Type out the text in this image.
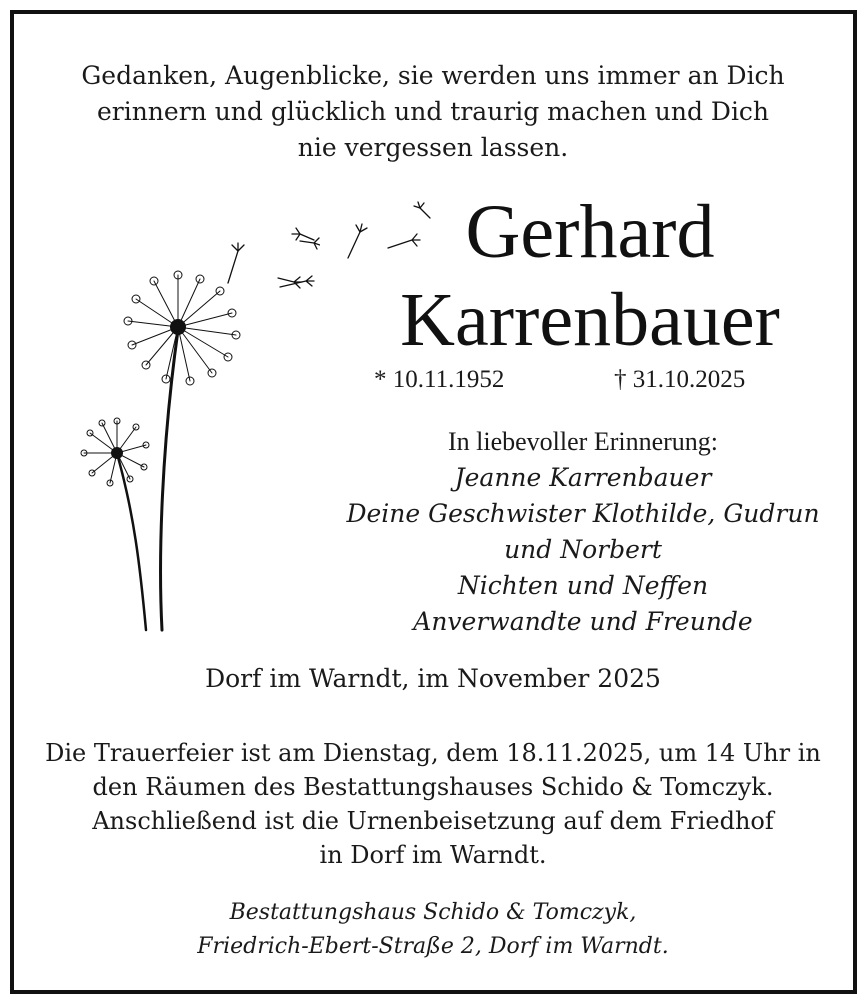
Gedanken, Augenblicke, sie werden uns immer an Dich
erinnern und glücklich und traurig machen und Dich
nie vergessen lassen.
Gerhard
Karrenbauer
* 10.11.1952	† 31.10.2025
In liebevoller Erinnerung:
Jeanne Karrenbauer
Deine Geschwister Klothilde, Gudrun
und Norbert
Nichten und Neffen
Anverwandte und Freunde
Dorf im Warndt, im November 2025
Die Trauerfeier ist am Dienstag, dem 18.11.2025, um 14 Uhr in
den Räumen des Bestattungshauses Schido & Tomczyk.
Anschließend ist die Urnenbeisetzung auf dem Friedhof
in Dorf im Warndt.
Bestattungshaus Schido & Tomczyk,
Friedrich-Ebert-Straße 2, Dorf im Warndt.
